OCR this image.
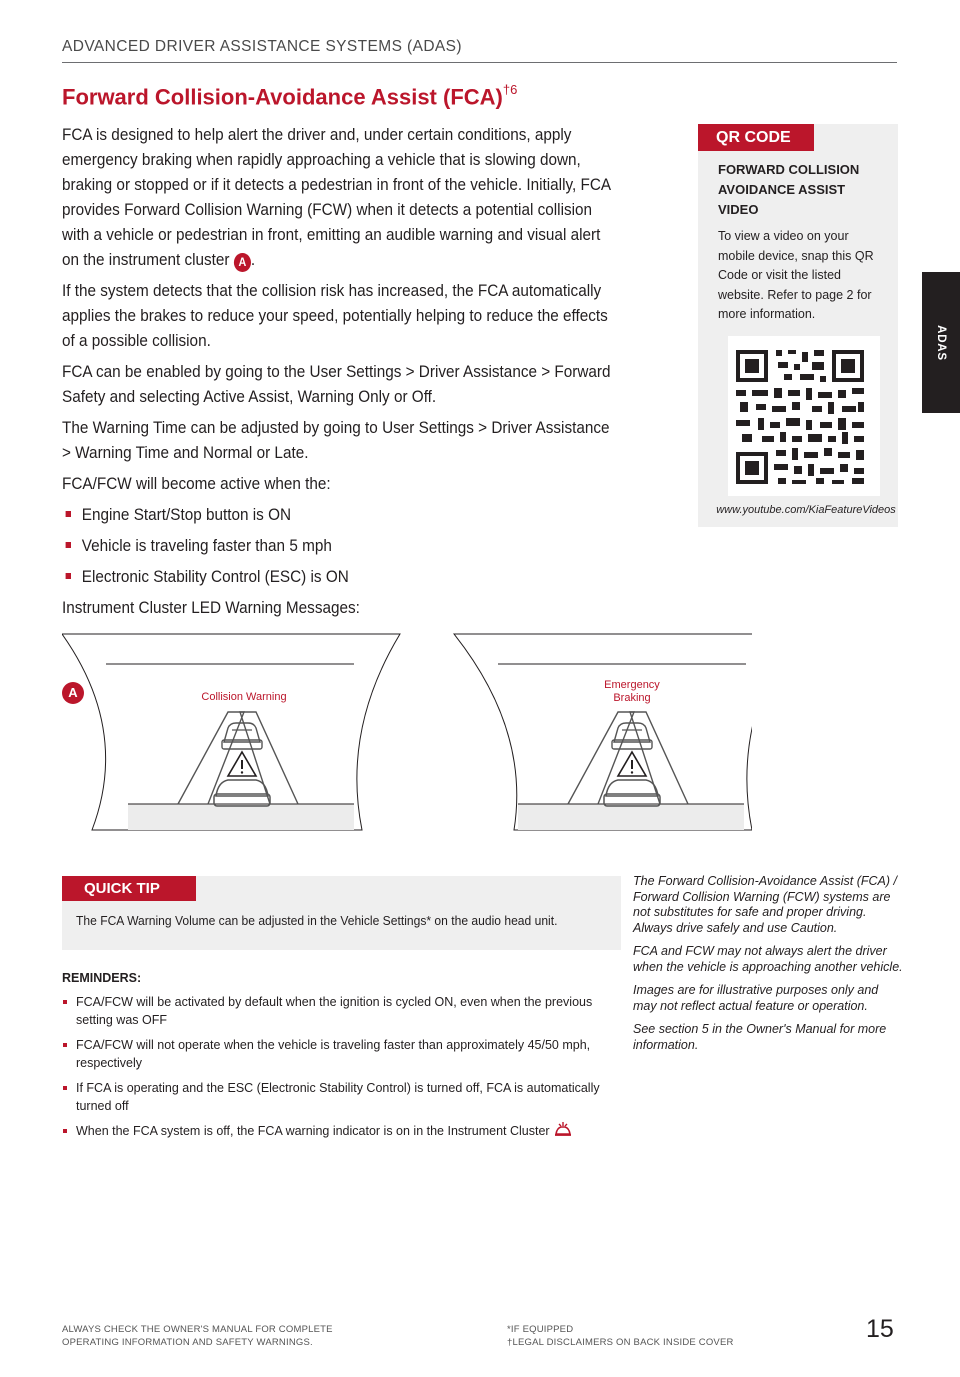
ADVANCED DRIVER ASSISTANCE SYSTEMS (ADAS)
ADAS
Forward Collision-Avoidance Assist (FCA)$^{\dagger 6}$

FCA is designed to help alert the driver and, under certain conditions, apply emergency braking when rapidly approaching a vehicle that is slowing down, braking or stopped or if it detects a pedestrian in front of the vehicle. Initially, FCA provides Forward Collision Warning (FCW) when it detects a potential collision with a vehicle or pedestrian in front, emitting an audible warning and visual alert on the instrument cluster A .

If the system detects that the collision risk has increased, the FCA automatically applies the brakes to reduce your speed, potentially helping to reduce the effects of a possible collision.

FCA can be enabled by going to the User Settings > Driver Assistance > Forward Safety and selecting Active Assist, Warning Only or Off.

The Warning Time can be adjusted by going to User Settings > Driver Assistance > Warning Time and Normal or Late.

FCA/FCW will become active when the:

Engine Start/Stop button is ON
Vehicle is traveling faster than 5 mph
Electronic Stability Control (ESC) is ON

Instrument Cluster LED Warning Messages:

QR CODE
FORWARD COLLISION AVOIDANCE ASSIST VIDEO
To view a video on your mobile device, snap this QR Code or visit the listed website. Refer to page 2 for more information.
www.youtube.com/KiaFeatureVideos
A	Collision Warning
Emergency
Braking
QUICK TIP
The FCA Warning Volume can be adjusted in the Vehicle Settings* on the audio head unit.
REMINDERS:
FCA/FCW will be activated by default when the ignition is cycled ON, even when the previous setting was OFF
FCA/FCW will not operate when the vehicle is traveling faster than approximately 45/50 mph, respectively
If FCA is operating and the ESC (Electronic Stability Control) is turned off, FCA is automatically turned off
When the FCA system is off, the FCA warning indicator is on in the Instrument Cluster

The Forward Collision-Avoidance Assist (FCA) / Forward Collision Warning (FCW) systems are not substitutes for safe and proper driving. Always drive safely and use Caution.

FCA and FCW may not always alert the driver when the vehicle is approaching another vehicle.

Images are for illustrative purposes only and may not reflect actual feature or operation.

See section 5 in the Owner's Manual for more information.

ALWAYS CHECK THE OWNER'S MANUAL FOR COMPLETE
OPERATING INFORMATION AND SAFETY WARNINGS.
*IF EQUIPPED
†LEGAL DISCLAIMERS ON BACK INSIDE COVER	15
